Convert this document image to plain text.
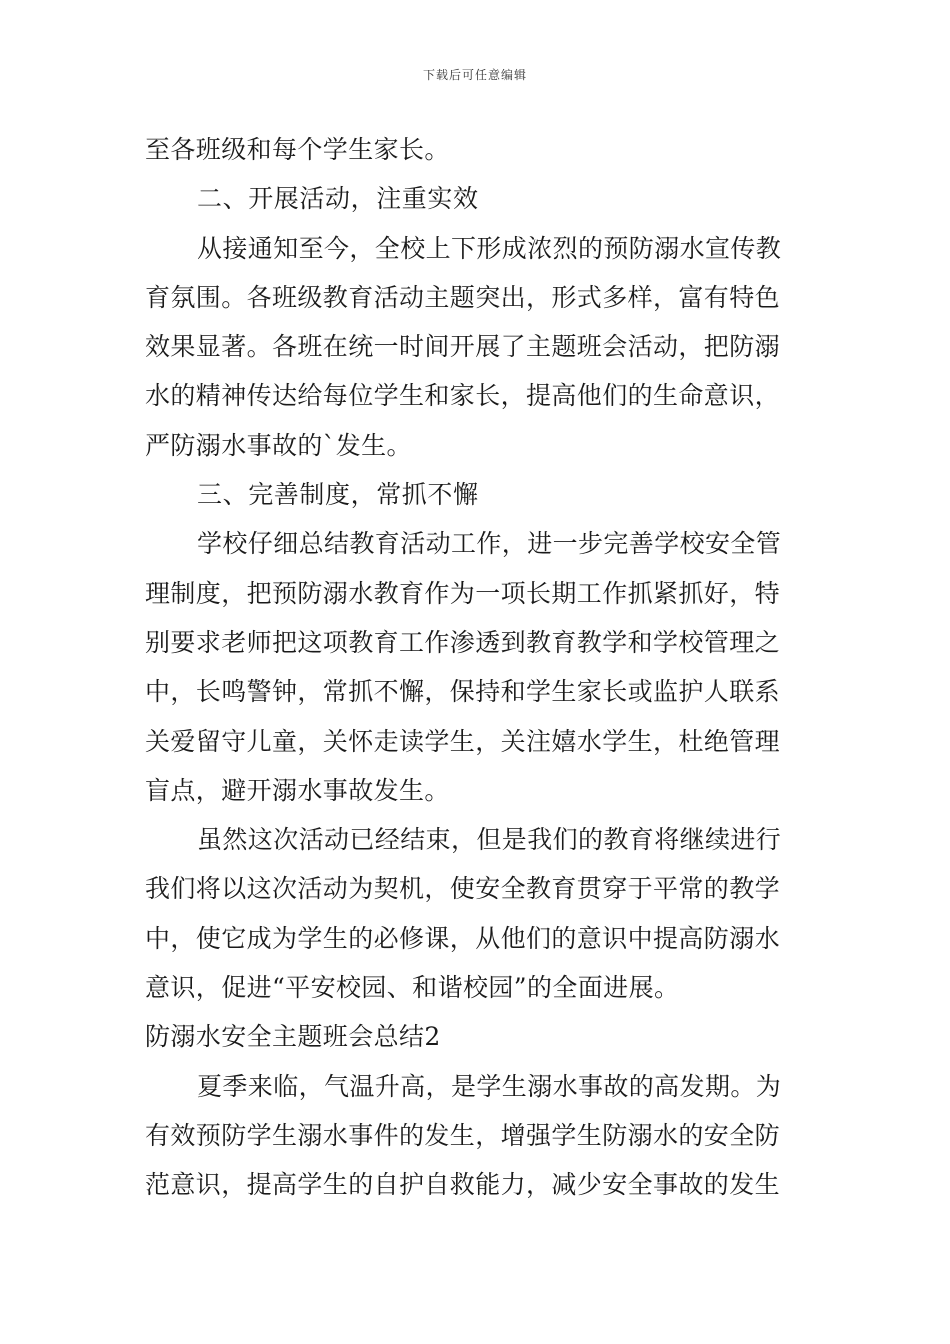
下载后可任意编辑
至各班级和每个学生家长。
二、开展活动，注重实效
从接通知至今，全校上下形成浓烈的预防溺水宣传教
育氛围。各班级教育活动主题突出，形式多样，富有特色
效果显著。各班在统一时间开展了主题班会活动，把防溺
水的精神传达给每位学生和家长，提高他们的生命意识，
严防溺水事故的`发生。
三、完善制度，常抓不懈
学校仔细总结教育活动工作，进一步完善学校安全管
理制度，把预防溺水教育作为一项长期工作抓紧抓好，特
别要求老师把这项教育工作渗透到教育教学和学校管理之
中，长鸣警钟，常抓不懈，保持和学生家长或监护人联系
关爱留守儿童，关怀走读学生，关注嬉水学生，杜绝管理
盲点，避开溺水事故发生。
虽然这次活动已经结束，但是我们的教育将继续进行
我们将以这次活动为契机，使安全教育贯穿于平常的教学
中，使它成为学生的必修课，从他们的意识中提高防溺水
意识，促进“平安校园、和谐校园”的全面进展。
防溺水安全主题班会总结2
夏季来临，气温升高，是学生溺水事故的高发期。为
有效预防学生溺水事件的发生，增强学生防溺水的安全防
范意识，提高学生的自护自救能力，减少安全事故的发生
